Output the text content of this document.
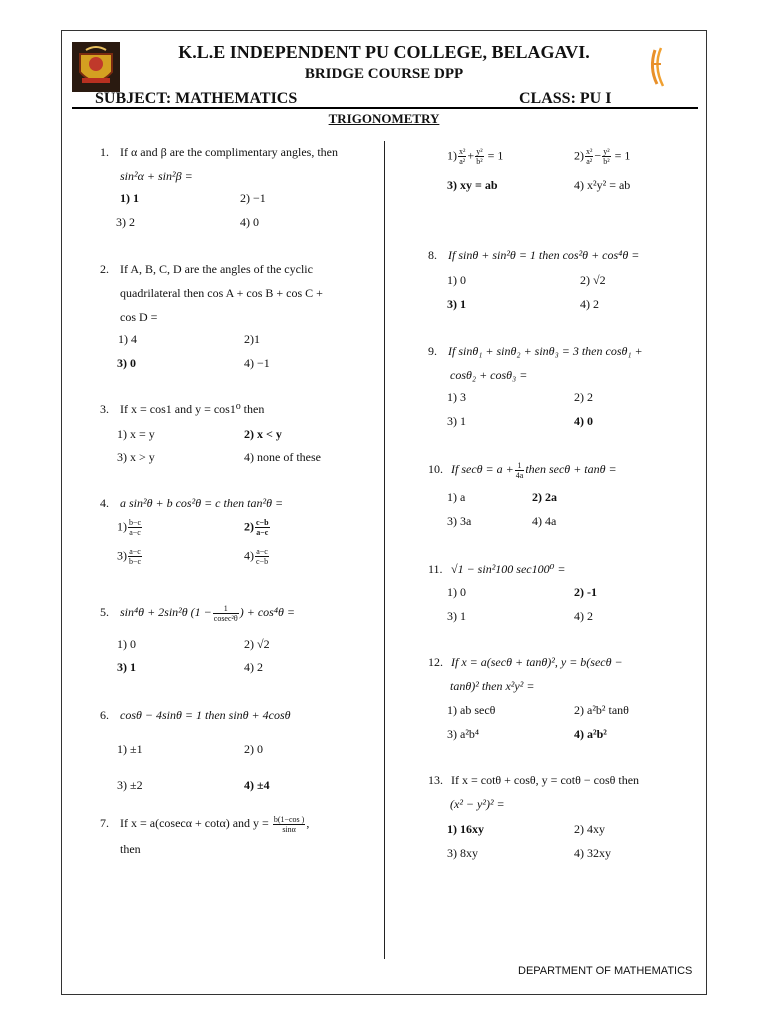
K.L.E INDEPENDENT PU COLLEGE, BELAGAVI.
BRIDGE COURSE DPP
SUBJECT: MATHEMATICS	CLASS: PU I
TRIGONOMETRY
1. If α and β are the complimentary angles, then
sin²α + sin²β =
1) 1	2) −1
3) 2	4) 0
2. If A, B, C, D are the angles of the cyclic
quadrilateral then cos A + cos B + cos C +
cos D =
1) 4	2)1
3) 0	4) −1
3. If x = cos1 and y = cos1⁰ then
1) x = y	2) x < y
3) x > y	4) none of these
4. a sin²θ + b cos²θ = c then tan²θ =
$1) \frac{b-c}{a-c}$	$2) \frac{c-b}{a-c}$
$3) \frac{a-c}{b-c}$	$4) \frac{a-c}{c-b}$
5. sin⁴θ + 2sin²θ ($1 - \frac{1}{\text{cosec²θ}}$ ) + cos⁴θ =
1) 0	2) √2
3) 1	4) 2
6. cosθ − 4sinθ = 1 then sinθ + 4cosθ
1) ±1	2) 0
3) ±2	4) ±4
7. If x = a(cosecα + cotα) and $y = \frac{b(1-\cos )}{\sin\alpha}$ ,
then
$1) \frac{\text{x²}}{\text{a²}} + \frac{\text{y²}}{\text{b²}} = 1$	$2) \frac{\text{x²}}{\text{a²}} - \frac{\text{y²}}{\text{b²}} = 1$
3) xy = ab	4) x²y² = ab
8. If sinθ + sin²θ = 1 then cos²θ + cos⁴θ =
1) 0	2) √2
3) 1	4) 2
9. If sinθ₁ + sinθ₂ + sinθ₃ = 3 then cosθ₁ +
cosθ₂ + cosθ₃ =
1) 3	2) 2
3) 1	4) 0
10. If $\sec\theta = a + \frac{1}{4a}$ then secθ + tanθ =
1) a	2) 2a
3) 3a	4) 4a
11. √1 − sin²100 sec100⁰ =
1) 0	2) -1
3) 1	4) 2
12. If x = a(secθ + tanθ)², y = b(secθ −
tanθ)² then x²y² =
1) ab secθ	2) a²b² tanθ
3) a²b⁴	4) a²b²
13. If x = cotθ + cosθ, y = cotθ − cosθ then
(x² − y²)² =
1) 16xy	2) 4xy
3) 8xy	4) 32xy
DEPARTMENT OF MATHEMATICS
